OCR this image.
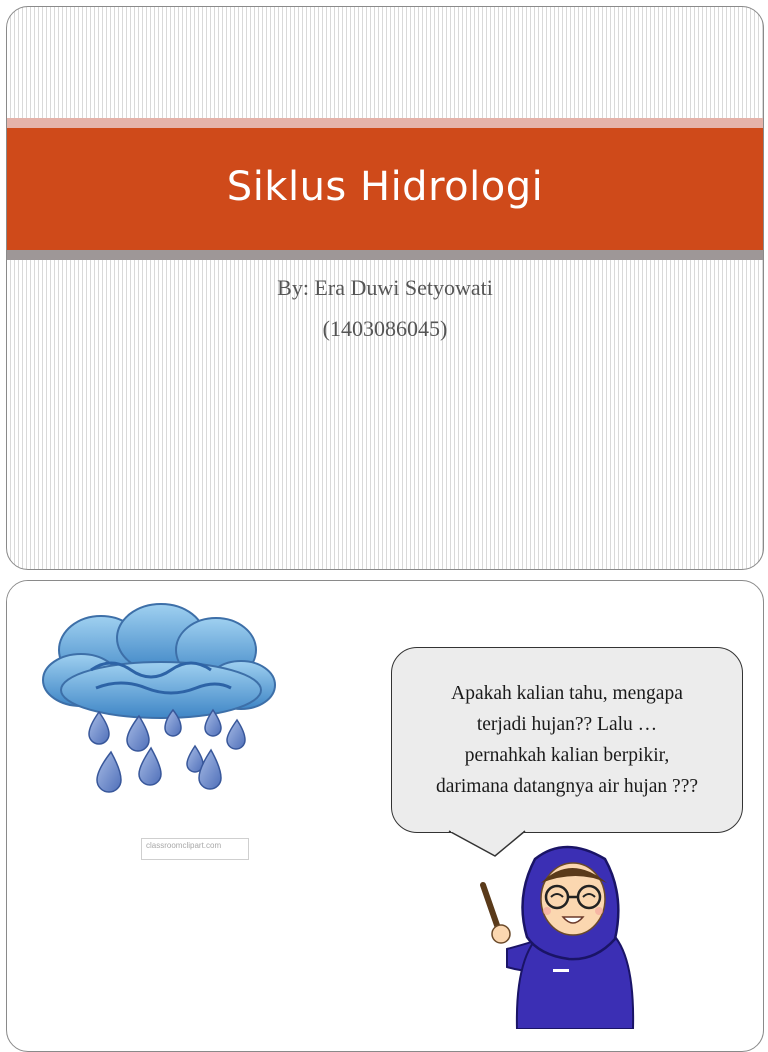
Siklus Hidrologi
By: Era Duwi Setyowati
(1403086045)
classroomclipart.com
Apakah kalian tahu, mengapa
terjadi hujan?? Lalu …
pernahkah kalian berpikir,
darimana datangnya air hujan ???
